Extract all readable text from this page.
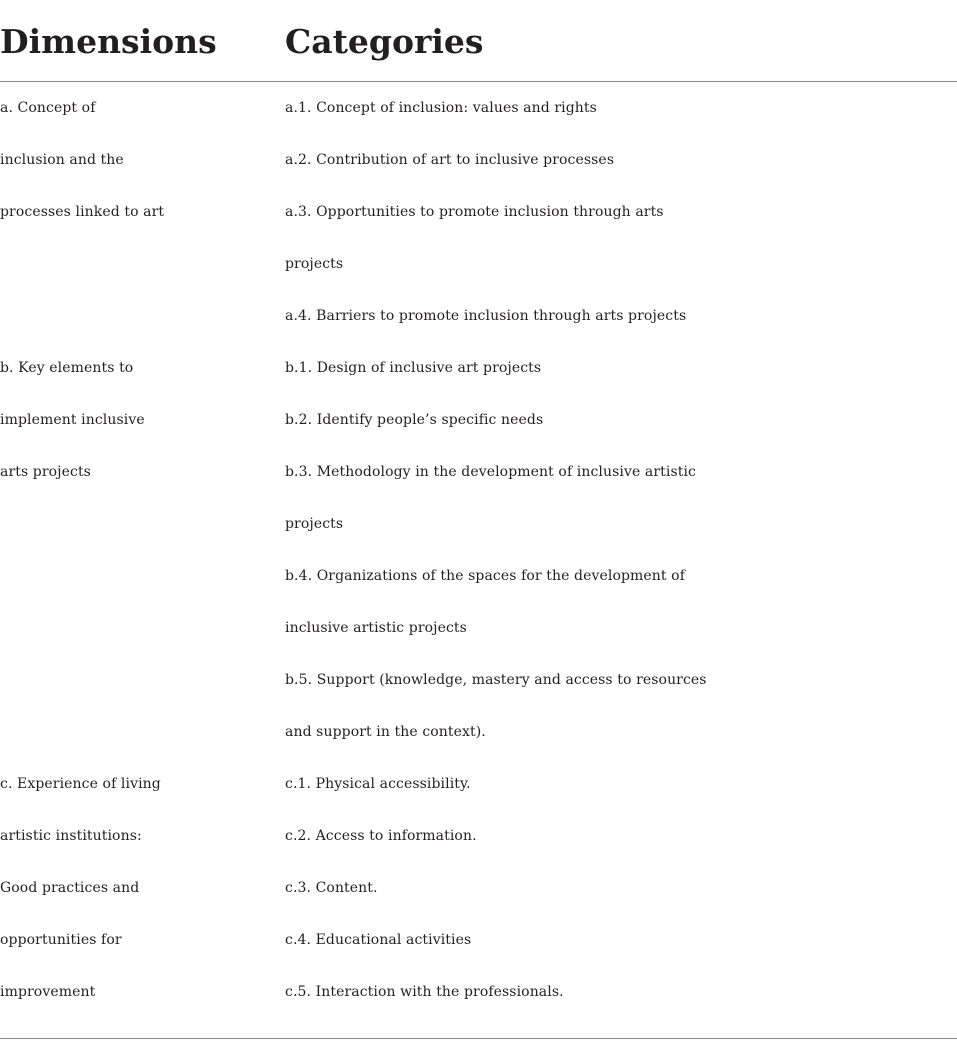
Dimensions Categories
a. Concept of
inclusion and the
processes linked to art
a.1. Concept of inclusion: values and rights
a.2. Contribution of art to inclusive processes
a.3. Opportunities to promote inclusion through arts
projects
a.4. Barriers to promote inclusion through arts projects
b. Key elements to
implement inclusive
arts projects
b.1. Design of inclusive art projects
b.2. Identify people’s specific needs
b.3. Methodology in the development of inclusive artistic
projects
b.4. Organizations of the spaces for the development of
inclusive artistic projects
b.5. Support (knowledge, mastery and access to resources
and support in the context).
c. Experience of living
artistic institutions:
Good practices and
opportunities for
improvement
c.1. Physical accessibility.
c.2. Access to information.
c.3. Content.
c.4. Educational activities
c.5. Interaction with the professionals.
